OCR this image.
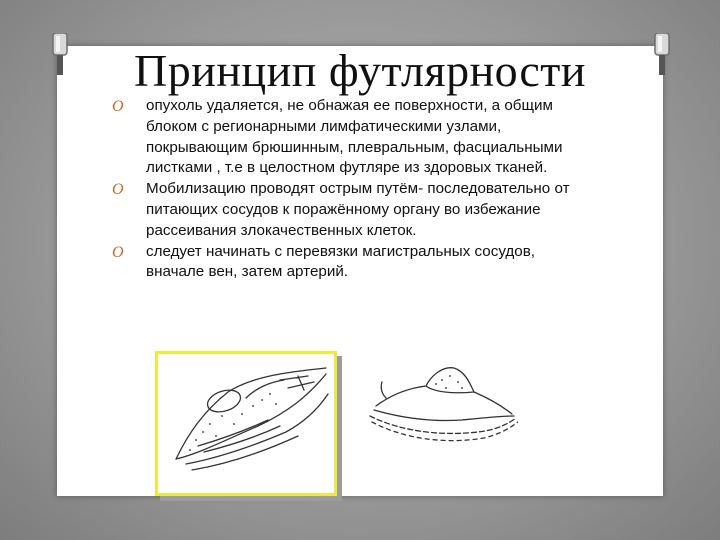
Принцип футлярности
O опухоль удаляется, не обнажая ее поверхности, а общим блоком с регионарными лимфатическими узлами, покрывающим брюшинным, плевральным, фасциальными листками , т.е в целостном футляре из здоровых тканей.
O Мобилизацию проводят острым путём- последовательно от питающих сосудов к поражённому органу во избежание рассеивания злокачественных клеток.
O следует начинать с перевязки магистральных сосудов, вначале вен, затем артерий.
